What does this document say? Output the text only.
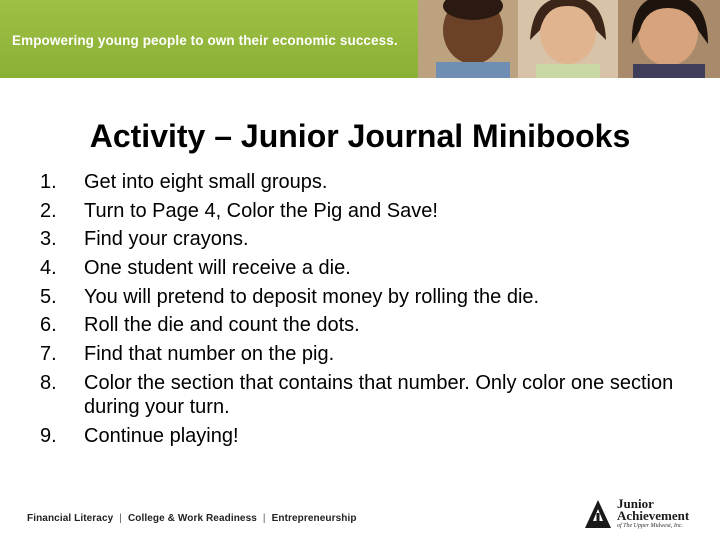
Empowering young people to own their economic success.
Activity – Junior Journal Minibooks
1.	Get into eight small groups.
2.	Turn to Page 4, Color the Pig and Save!
3.	Find your crayons.
4.	One student will receive a die.
5.	You will pretend to deposit money by rolling the die.
6.	Roll the die and count the dots.
7.	Find that number on the pig.
8.	Color the section that contains that number. Only color one section during your turn.
9.	Continue playing!
Financial Literacy | College & Work Readiness | Entrepreneurship
Junior
Achievement
of The Upper Midwest, Inc.
